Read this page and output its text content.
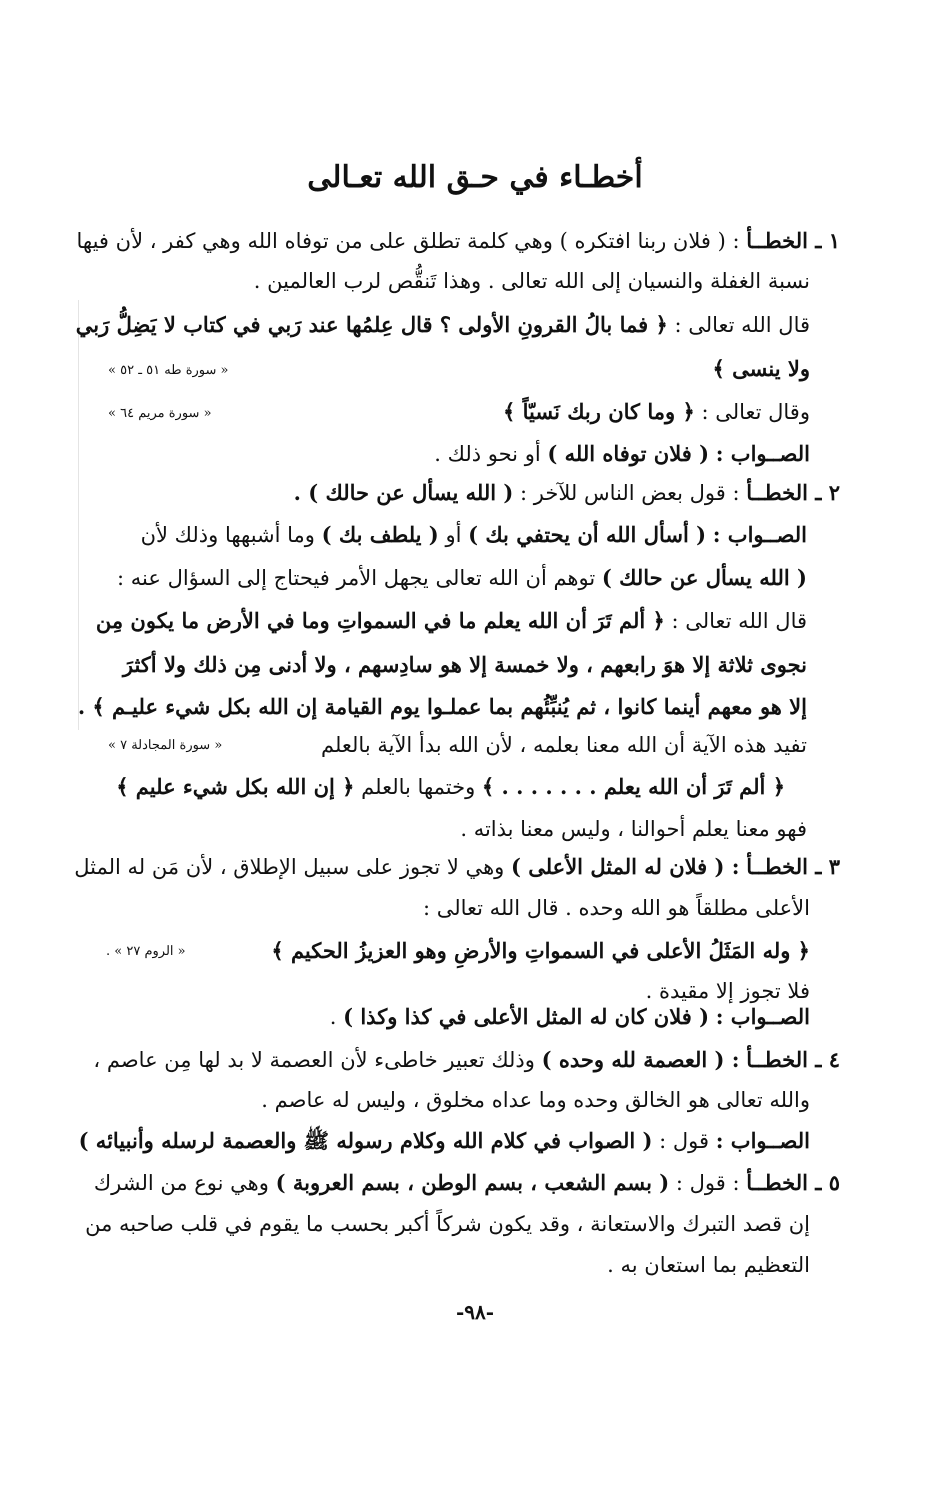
أخطـاء في حـق الله تعـالى
١ ـ الخطــأ : ( فلان ربنا افتكره ) وهي كلمة تطلق على من توفاه الله وهي كفر ، لأن فيها
نسبة الغفلة والنسيان إلى الله تعالى . وهذا تَنقُّص لرب العالمين .
قال الله تعالى : ﴿ فما بالُ القرونِ الأولى ؟ قال عِلمُها عند رَبي في كتاب لا يَضِلُّ رَبي
ولا ينسى ﴾
« سورة طه ٥١ ـ ٥٢ »
وقال تعالى : ﴿ وما كان ربك نَسيّاً ﴾
« سورة مريم ٦٤ »
الصــواب : ( فلان توفاه الله ) أو نحو ذلك .
٢ ـ الخطــأ : قول بعض الناس للآخر : ( الله يسأل عن حالك ) .
الصــواب : ( أسأل الله أن يحتفي بك ) أو ( يلطف بك ) وما أشبهها وذلك لأن
( الله يسأل عن حالك ) توهم أن الله تعالى يجهل الأمر فيحتاج إلى السؤال عنه :
قال الله تعالى : ﴿ ألم تَرَ أن الله يعلم ما في السمواتِ وما في الأرض ما يكون مِن
نجوى ثلاثة إلا هوَ رابعهم ، ولا خمسة إلا هو سادِسهم ، ولا أدنى مِن ذلك ولا أكثرَ
إلا هو معهم أينما كانوا ، ثم يُنبِّئُهم بما عملـوا يوم القيامة إن الله بكل شيء عليـم ﴾ .
تفيد هذه الآية أن الله معنا بعلمه ، لأن الله بدأ الآية بالعلم
« سورة المجادلة ٧ »
﴿ ألم تَرَ أن الله يعلم . . . . . . . ﴾ وختمها بالعلم ﴿ إن الله بكل شيء عليم ﴾
فهو معنا يعلم أحوالنا ، وليس معنا بذاته .
٣ ـ الخطــأ : ( فلان له المثل الأعلى ) وهي لا تجوز على سبيل الإطلاق ، لأن مَن له المثل
الأعلى مطلقاً هو الله وحده . قال الله تعالى :
﴿ وله المَثَلُ الأعلى في السمواتِ والأرضِ وهو العزيزُ الحكيم ﴾
« الروم ٢٧ » .
فلا تجوز إلا مقيدة .
الصــواب : ( فلان كان له المثل الأعلى في كذا وكذا ) .
٤ ـ الخطــأ : ( العصمة لله وحده ) وذلك تعبير خاطىء لأن العصمة لا بد لها مِن عاصم ،
والله تعالى هو الخالق وحده وما عداه مخلوق ، وليس له عاصم .
الصــواب : قول : ( الصواب في كلام الله وكلام رسوله ﷺ والعصمة لرسله وأنبيائه )
٥ ـ الخطــأ : قول : ( بسم الشعب ، بسم الوطن ، بسم العروبة ) وهي نوع من الشرك
إن قصد التبرك والاستعانة ، وقد يكون شركاً أكبر بحسب ما يقوم في قلب صاحبه من
التعظيم بما استعان به .
-٩٨-
